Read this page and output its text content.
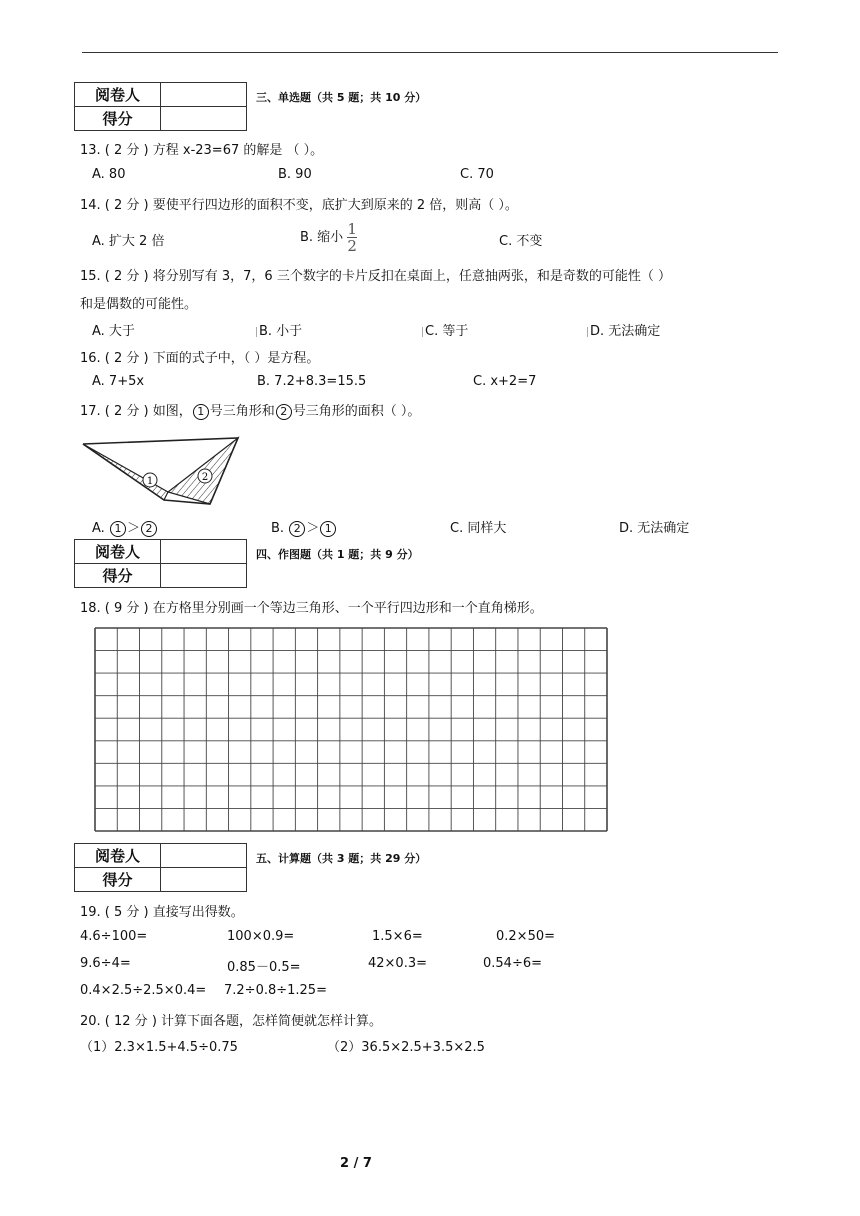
阅卷人	
得分	
三、单选题（共 5 题；共 10 分）
13. ( 2 分 ) 方程 x-23=67 的解是 （ ）。
A. 80	B. 90	C. 70
14. ( 2 分 ) 要使平行四边形的面积不变，底扩大到原来的 2 倍，则高（ ）。
A. 扩大 2 倍	B. 缩小 $\frac{1}{2}$	C. 不变
15. ( 2 分 ) 将分别写有 3，7，6 三个数字的卡片反扣在桌面上，任意抽两张，和是奇数的可能性（ ）
和是偶数的可能性。
A. 大于	B. 小于	C. 等于	D. 无法确定
16. ( 2 分 ) 下面的式子中，（ ）是方程。
A. 7+5x	B. 7.2+8.3=15.5	C. x+2=7
17. ( 2 分 ) 如图， 1 号三角形和 2 号三角形的面积（ ）。
1	2
A. 1 ＞ 2	B. 2 ＞ 1	C. 同样大	D. 无法确定
阅卷人	
得分	
四、作图题（共 1 题；共 9 分）
18. ( 9 分 ) 在方格里分别画一个等边三角形、一个平行四边形和一个直角梯形。
阅卷人	
得分	
五、计算题（共 3 题；共 29 分）
19. ( 5 分 ) 直接写出得数。
4.6÷100=	100×0.9=	1.5×6=	0.2×50=
9.6÷4=	0.85－0.5=	42×0.3=	0.54÷6=
0.4×2.5÷2.5×0.4= 7.2÷0.8÷1.25=
20. ( 12 分 ) 计算下面各题，怎样简便就怎样计算。
（1）2.3×1.5+4.5÷0.75	（2）36.5×2.5+3.5×2.5
2 / 7
